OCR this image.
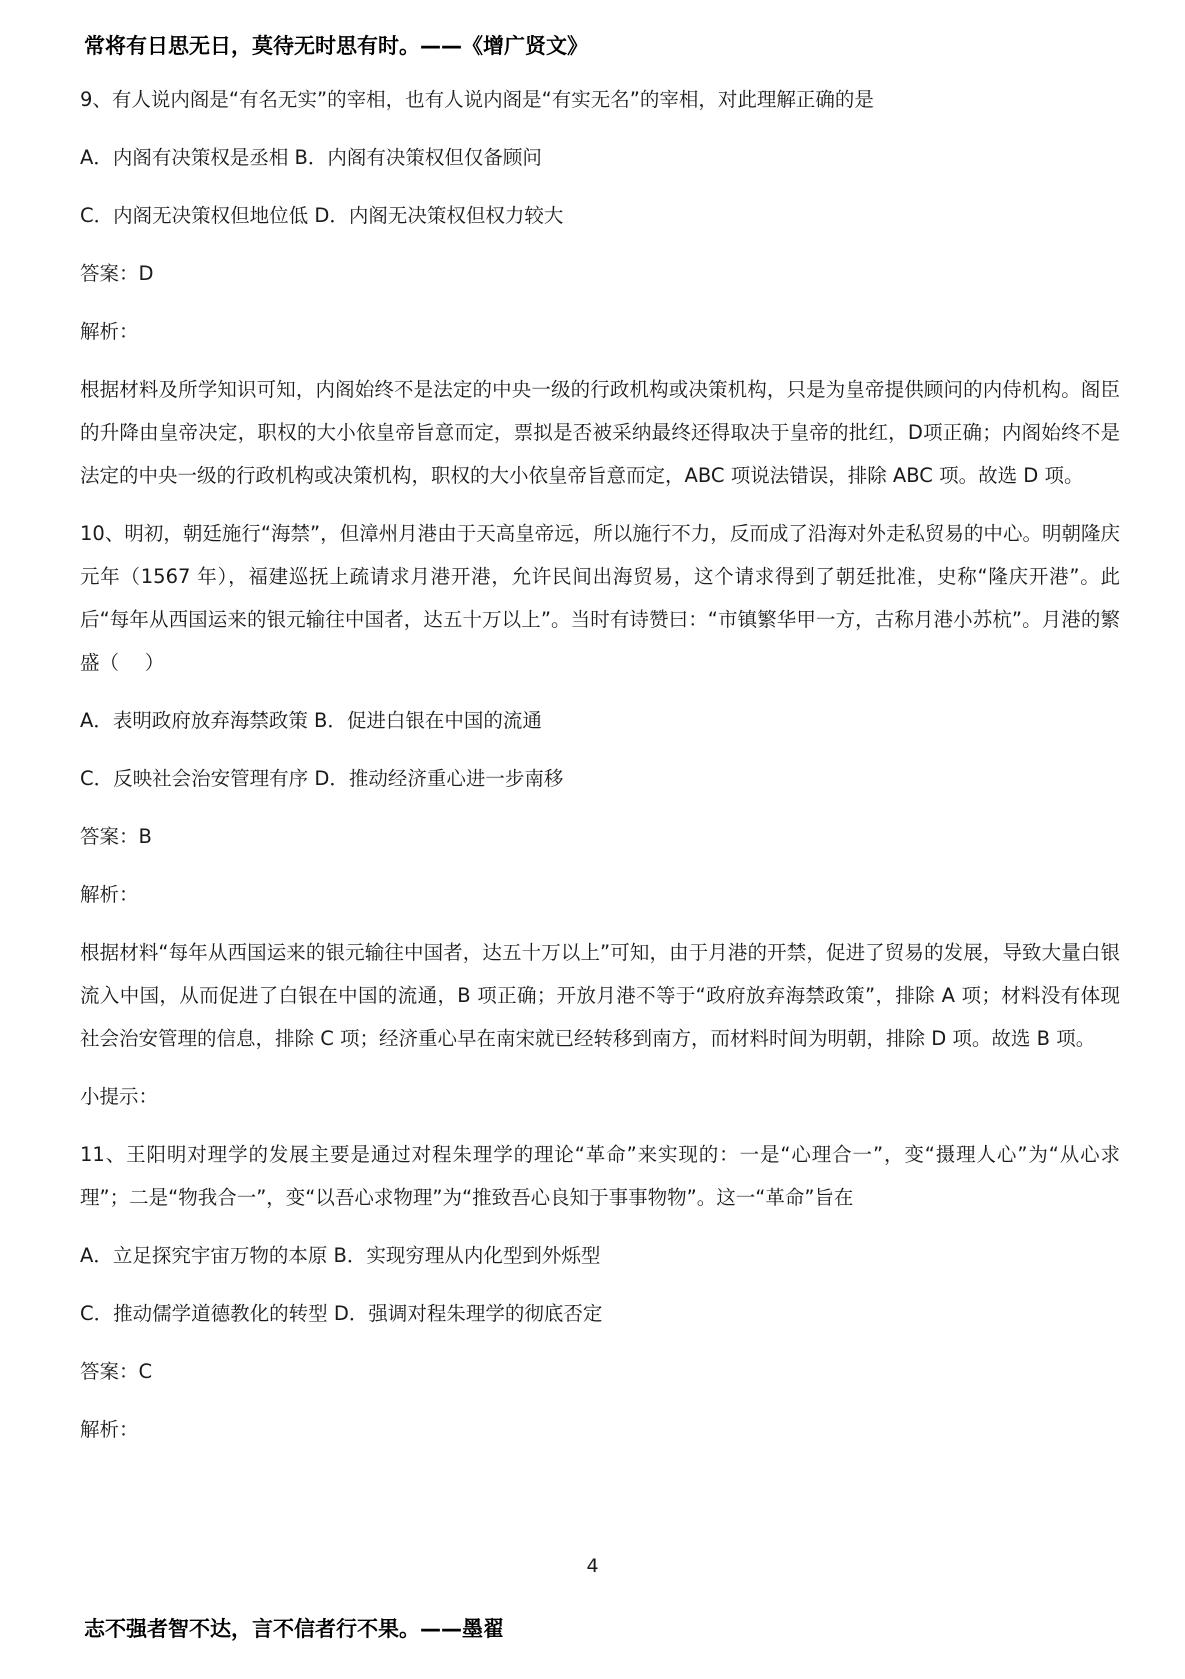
常将有日思无日，莫待无时思有时。——《增广贤文》

9、有人说内阁是“有名无实”的宰相，也有人说内阁是“有实无名”的宰相，对此理解正确的是

A．内阁有决策权是丞相 B．内阁有决策权但仅备顾问

C．内阁无决策权但地位低 D．内阁无决策权但权力较大

答案：D

解析：

根据材料及所学知识可知，内阁始终不是法定的中央一级的行政机构或决策机构，只是为皇帝提供顾问的内侍机构。阁臣的升降由皇帝决定，职权的大小依皇帝旨意而定，票拟是否被采纳最终还得取决于皇帝的批红，D项正确；内阁始终不是法定的中央一级的行政机构或决策机构，职权的大小依皇帝旨意而定，ABC 项说法错误，排除 ABC 项。故选 D 项。

10、明初，朝廷施行“海禁”，但漳州月港由于天高皇帝远，所以施行不力，反而成了沿海对外走私贸易的中心。明朝隆庆元年（1567 年），福建巡抚上疏请求月港开港，允许民间出海贸易，这个请求得到了朝廷批准，史称“隆庆开港”。此后“每年从西国运来的银元输往中国者，达五十万以上”。当时有诗赞曰：“市镇繁华甲一方，古称月港小苏杭”。月港的繁盛（　 ）

A．表明政府放弃海禁政策 B．促进白银在中国的流通

C．反映社会治安管理有序 D．推动经济重心进一步南移

答案：B

解析：

根据材料“每年从西国运来的银元输往中国者，达五十万以上”可知，由于月港的开禁，促进了贸易的发展，导致大量白银流入中国，从而促进了白银在中国的流通，B 项正确；开放月港不等于“政府放弃海禁政策”，排除 A 项；材料没有体现社会治安管理的信息，排除 C 项；经济重心早在南宋就已经转移到南方，而材料时间为明朝，排除 D 项。故选 B 项。

小提示：

11、王阳明对理学的发展主要是通过对程朱理学的理论“革命”来实现的：一是“心理合一”，变“摄理人心”为“从心求理”；二是“物我合一”，变“以吾心求物理”为“推致吾心良知于事事物物”。这一“革命”旨在

A．立足探究宇宙万物的本原 B．实现穷理从内化型到外烁型

C．推动儒学道德教化的转型 D．强调对程朱理学的彻底否定

答案：C

解析：

4
志不强者智不达，言不信者行不果。——墨翟
